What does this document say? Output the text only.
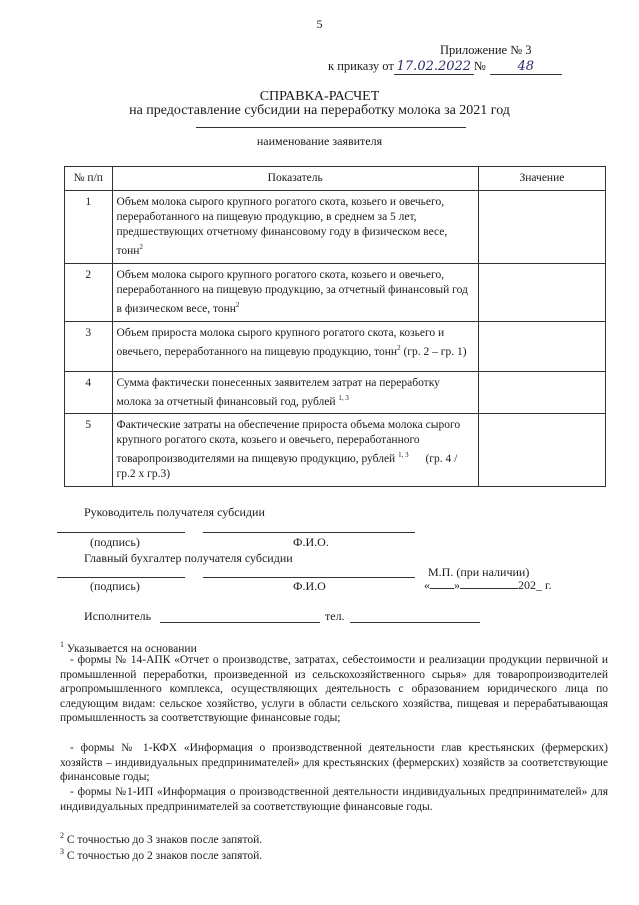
5
Приложение № 3
к приказу от 17.02.2022 № 48
СПРАВКА-РАСЧЕТ
на предоставление субсидии на переработку молока за 2021 год
наименование заявителя
№ п/п	Показатель	Значение
1	Объем молока сырого крупного рогатого скота, козьего и овечьего, переработанного на пищевую продукцию, в среднем за 5 лет, предшествующих отчетному финансовому году в физическом весе, тонн$^2$	
2	Объем молока сырого крупного рогатого скота, козьего и овечьего, переработанного на пищевую продукцию, за отчетный финансовый год в физическом весе, тонн$^2$	
3	Объем прироста молока сырого крупного рогатого скота, козьего и овечьего, переработанного на пищевую продукцию, тонн$^2$ (гр. 2 – гр. 1)	
4	Сумма фактически понесенных заявителем затрат на переработку молока за отчетный финансовый год, рублей $^{1, 3}$	
5	Фактические затраты на обеспечение прироста объема молока сырого крупного рогатого скота, козьего и овечьего, переработанного товаропроизводителями на пищевую продукцию, рублей $^{1, 3}$ (гр. 4 / гр.2 х гр.3)	
Руководитель получателя субсидии
(подпись)	Ф.И.О.
Главный бухгалтер получателя субсидии
М.П. (при наличии)
(подпись)	Ф.И.О	« »	202_ г.
Исполнитель	тел.
$^1$ Указывается на основании
- формы № 14-АПК «Отчет о производстве, затратах, себестоимости и реализации продукции первичной и промышленной переработки, произведенной из сельскохозяйственного сырья» для товаропроизводителей агропромышленного комплекса, осуществляющих деятельность с образованием юридического лица по следующим видам: сельское хозяйство, услуги в области сельского хозяйства, пищевая и перерабатывающая промышленность за соответствующие финансовые годы;
- формы № 1-КФХ «Информация о производственной деятельности глав крестьянских (фермерских) хозяйств – индивидуальных предпринимателей» для крестьянских (фермерских) хозяйств за соответствующие финансовые годы;
- формы №1-ИП «Информация о производственной деятельности индивидуальных предпринимателей» для индивидуальных предпринимателей за соответствующие финансовые годы.
$^2$ С точностью до 3 знаков после запятой.
$^3$ С точностью до 2 знаков после запятой.
